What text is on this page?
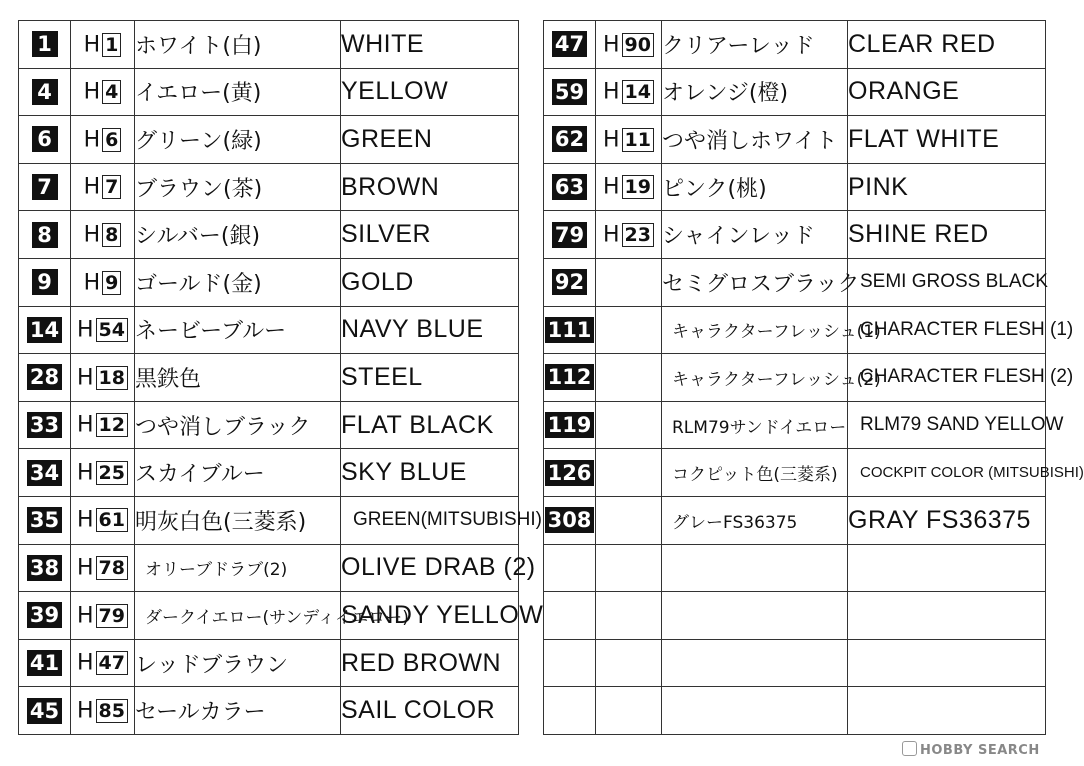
1	H 1	ホワイト(白)	WHITE
4	H 4	イエロー(黄)	YELLOW
6	H 6	グリーン(緑)	GREEN
7	H 7	ブラウン(茶)	BROWN
8	H 8	シルバー(銀)	SILVER
9	H 9	ゴールド(金)	GOLD
14	H 54	ネービーブルー	NAVY BLUE
28	H 18	黒鉄色	STEEL
33	H 12	つや消しブラック	FLAT BLACK
34	H 25	スカイブルー	SKY BLUE
35	H 61	明灰白色(三菱系)	GREEN(MITSUBISHI)
38	H 78	オリーブドラブ(2)	OLIVE DRAB (2)
39	H 79	ダークイエロー(サンディイエロー)	SANDY YELLOW
41	H 47	レッドブラウン	RED BROWN
45	H 85	セールカラー	SAIL COLOR
47	H 90	クリアーレッド	CLEAR RED
59	H 14	オレンジ(橙)	ORANGE
62	H 11	つや消しホワイト	FLAT WHITE
63	H 19	ピンク(桃)	PINK
79	H 23	シャインレッド	SHINE RED
92		セミグロスブラック	SEMI GROSS BLACK
111		キャラクターフレッシュ(1)	CHARACTER FLESH (1)
112		キャラクターフレッシュ(2)	CHARACTER FLESH (2)
119		RLM79サンドイエロー	RLM79 SAND YELLOW
126		コクピット色(三菱系)	COCKPIT COLOR (MITSUBISHI)
308		グレーFS36375	GRAY FS36375

HOBBY SEARCH
